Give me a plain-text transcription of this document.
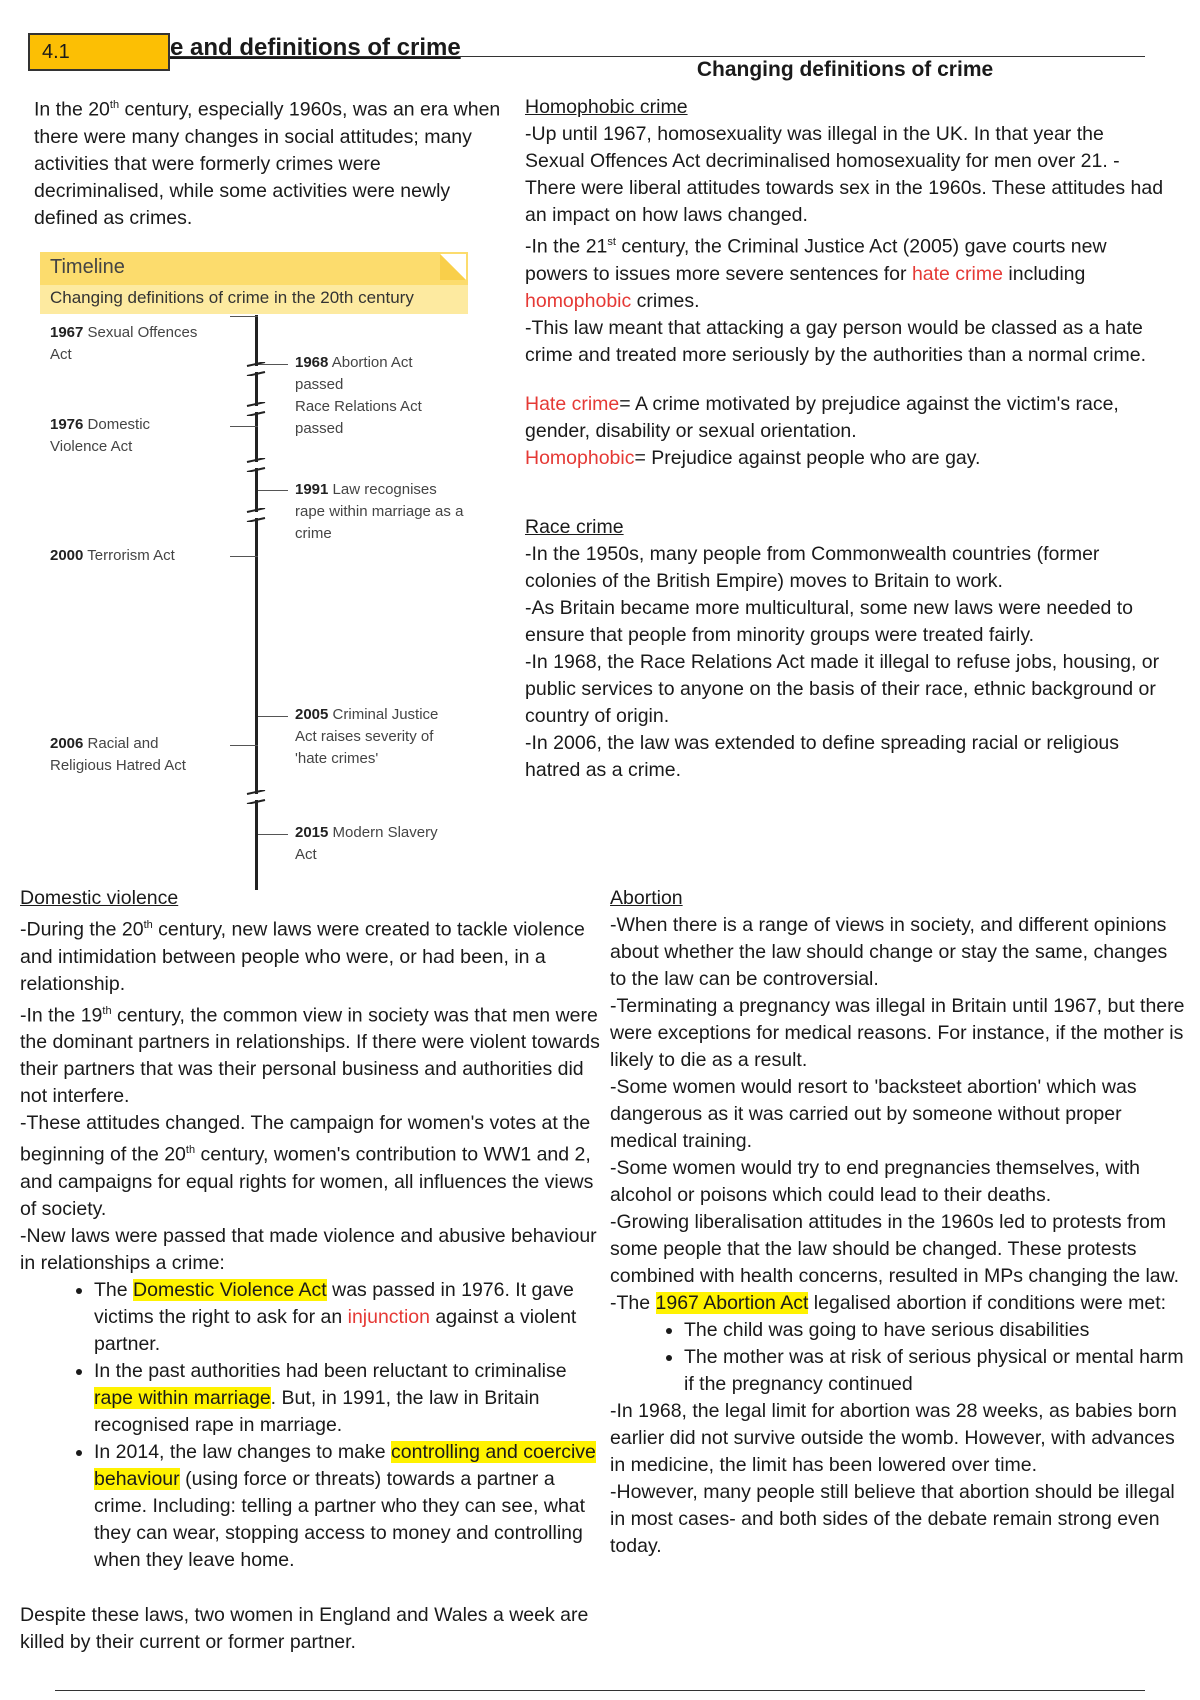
4.1	e and definitions of crime

In the 20th century, especially 1960s, was an era when there were many changes in social attitudes; many activities that were formerly crimes were decriminalised, while some activities were newly defined as crimes.

Timeline
Changing definitions of crime in the 20th century
1967 Sexual Offences Act
1976 Domestic Violence Act
2000 Terrorism Act
2006 Racial and Religious Hatred Act
1968 Abortion Act passed
Race Relations Act passed
1991 Law recognises rape within marriage as a crime
2005 Criminal Justice Act raises severity of 'hate crimes'
2015 Modern Slavery Act

Changing definitions of crime

Homophobic crime

-Up until 1967, homosexuality was illegal in the UK. In that year the Sexual Offences Act decriminalised homosexuality for men over 21. - There were liberal attitudes towards sex in the 1960s. These attitudes had an impact on how laws changed.

-In the 21st century, the Criminal Justice Act (2005) gave courts new powers to issues more severe sentences for hate crime including homophobic crimes.

-This law meant that attacking a gay person would be classed as a hate crime and treated more seriously by the authorities than a normal crime.

Hate crime= A crime motivated by prejudice against the victim's race, gender, disability or sexual orientation.

Homophobic= Prejudice against people who are gay.

Race crime

-In the 1950s, many people from Commonwealth countries (former colonies of the British Empire) moves to Britain to work.

-As Britain became more multicultural, some new laws were needed to ensure that people from minority groups were treated fairly.

-In 1968, the Race Relations Act made it illegal to refuse jobs, housing, or public services to anyone on the basis of their race, ethnic background or country of origin.

-In 2006, the law was extended to define spreading racial or religious hatred as a crime.

Domestic violence

-During the 20th century, new laws were created to tackle violence and intimidation between people who were, or had been, in a relationship.

-In the 19th century, the common view in society was that men were the dominant partners in relationships. If there were violent towards their partners that was their personal business and authorities did not interfere.

-These attitudes changed. The campaign for women's votes at the beginning of the 20th century, women's contribution to WW1 and 2, and campaigns for equal rights for women, all influences the views of society.

-New laws were passed that made violence and abusive behaviour in relationships a crime:

• The Domestic Violence Act was passed in 1976. It gave victims the right to ask for an injunction against a violent partner.
• In the past authorities had been reluctant to criminalise rape within marriage. But, in 1991, the law in Britain recognised rape in marriage.
• In 2014, the law changes to make controlling and coercive behaviour (using force or threats) towards a partner a crime. Including: telling a partner who they can see, what they can wear, stopping access to money and controlling when they leave home.

Despite these laws, two women in England and Wales a week are killed by their current or former partner.

Abortion

-When there is a range of views in society, and different opinions about whether the law should change or stay the same, changes to the law can be controversial.

-Terminating a pregnancy was illegal in Britain until 1967, but there were exceptions for medical reasons. For instance, if the mother is likely to die as a result.

-Some women would resort to 'backsteet abortion' which was dangerous as it was carried out by someone without proper medical training.

-Some women would try to end pregnancies themselves, with alcohol or poisons which could lead to their deaths.

-Growing liberalisation attitudes in the 1960s led to protests from some people that the law should be changed. These protests combined with health concerns, resulted in MPs changing the law.

-The 1967 Abortion Act legalised abortion if conditions were met:

• The child was going to have serious disabilities
• The mother was at risk of serious physical or mental harm if the pregnancy continued

-In 1968, the legal limit for abortion was 28 weeks, as babies born earlier did not survive outside the womb. However, with advances in medicine, the limit has been lowered over time.

-However, many people still believe that abortion should be illegal in most cases- and both sides of the debate remain strong even today.
